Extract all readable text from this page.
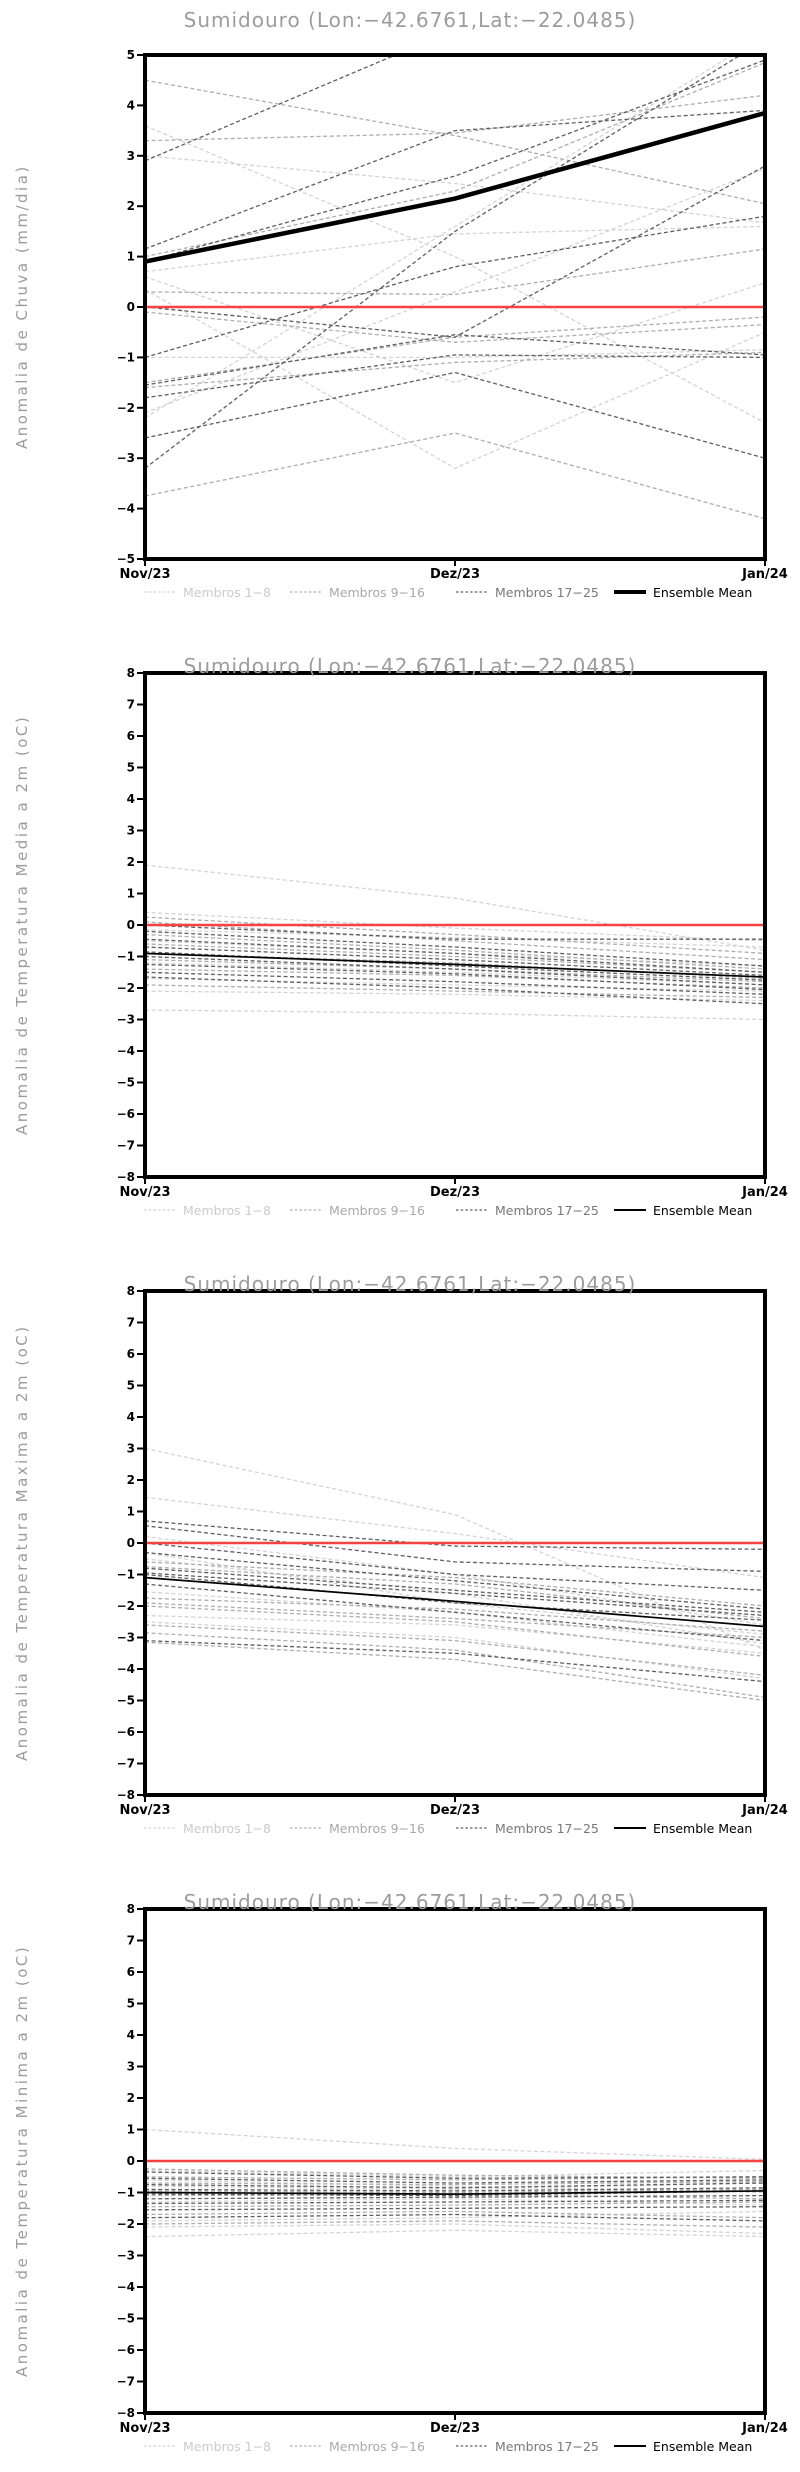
5
4
3
2
1
0
−1
−2
−3
−4
−5
Nov/23	Dez/23	Jan/24
Sumidouro (Lon:−42.6761,Lat:−22.0485)
Anomalia de Chuva (mm/dia)
Membros 1−8	Membros 9−16	Membros 17−25	Ensemble Mean
8
7
6
5
4
3
2
1
0
−1
−2
−3
−4
−5
−6
−7
−8
Nov/23	Dez/23	Jan/24
Sumidouro (Lon:−42.6761,Lat:−22.0485)
Anomalia de Temperatura Media a 2m (oC)
Membros 1−8	Membros 9−16	Membros 17−25	Ensemble Mean
8
7
6
5
4
3
2
1
0
−1
−2
−3
−4
−5
−6
−7
−8
Nov/23	Dez/23	Jan/24
Sumidouro (Lon:−42.6761,Lat:−22.0485)
Anomalia de Temperatura Maxima a 2m (oC)
Membros 1−8	Membros 9−16	Membros 17−25	Ensemble Mean
8
7
6
5
4
3
2
1
0
−1
−2
−3
−4
−5
−6
−7
−8
Nov/23	Dez/23	Jan/24
Sumidouro (Lon:−42.6761,Lat:−22.0485)
Anomalia de Temperatura Minima a 2m (oC)
Membros 1−8	Membros 9−16	Membros 17−25	Ensemble Mean
